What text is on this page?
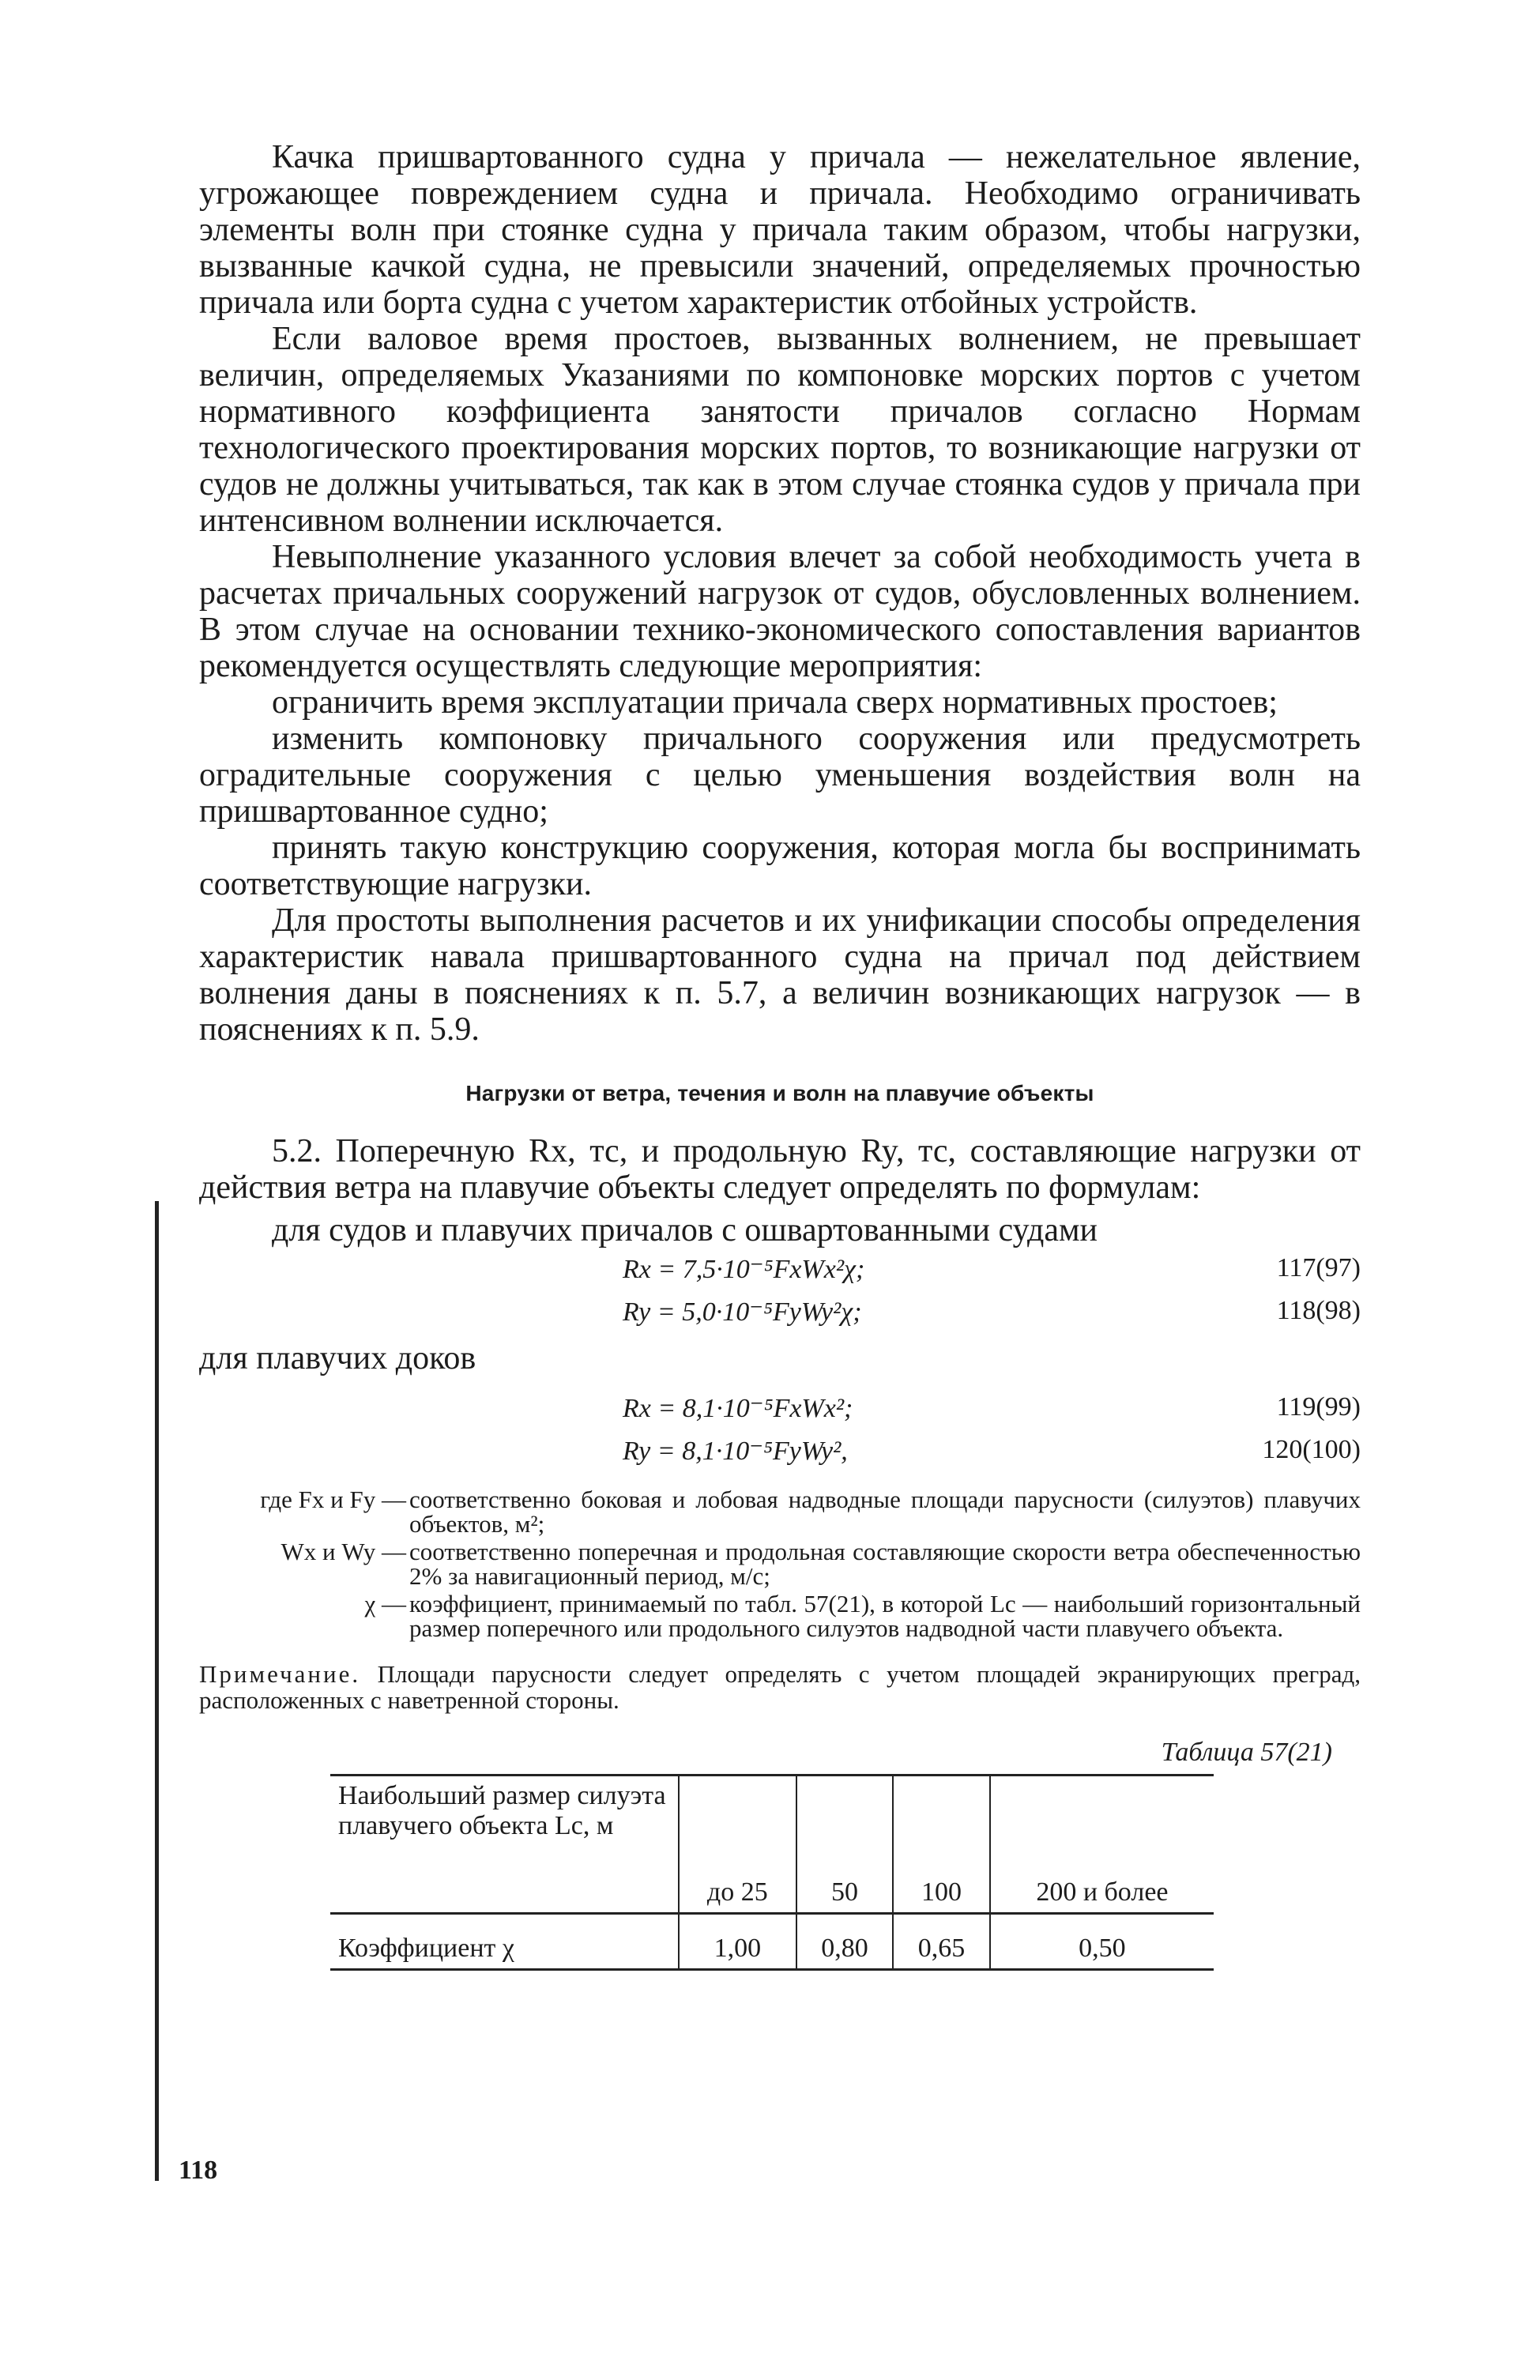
Качка пришвартованного судна у причала — нежелательное явление, угрожающее повреждением судна и причала. Необходимо ограничивать элементы волн при стоянке судна у причала таким образом, чтобы нагрузки, вызванные качкой судна, не превысили значений, определяемых прочностью причала или борта судна с учетом характеристик отбойных устройств.

Если валовое время простоев, вызванных волнением, не превышает величин, определяемых Указаниями по компоновке морских портов с учетом нормативного коэффициента занятости причалов согласно Нормам технологического проектирования морских портов, то возникающие нагрузки от судов не должны учитываться, так как в этом случае стоянка судов у причала при интенсивном волнении исключается.

Невыполнение указанного условия влечет за собой необходимость учета в расчетах причальных сооружений нагрузок от судов, обусловленных волнением. В этом случае на основании технико-экономического сопоставления вариантов рекомендуется осуществлять следующие мероприятия:

ограничить время эксплуатации причала сверх нормативных простоев;

изменить компоновку причального сооружения или предусмотреть оградительные сооружения с целью уменьшения воздействия волн на пришвартованное судно;

принять такую конструкцию сооружения, которая могла бы воспринимать соответствующие нагрузки.

Для простоты выполнения расчетов и их унификации способы определения характеристик навала пришвартованного судна на причал под действием волнения даны в пояснениях к п. 5.7, а величин возникающих нагрузок — в пояснениях к п. 5.9.

Нагрузки от ветра, течения и волн на плавучие объекты

5.2. Поперечную Rx, тс, и продольную Ry, тс, составляющие нагрузки от действия ветра на плавучие объекты следует определять по формулам:

для судов и плавучих причалов с ошвартованными судами

Rx = 7,5·10⁻⁵FxWx²χ;	117(97)
Ry = 5,0·10⁻⁵FyWy²χ;	118(98)

для плавучих доков

Rx = 8,1·10⁻⁵FxWx²;	119(99)
Ry = 8,1·10⁻⁵FyWy²,	120(100)
где Fx и Fy — соответственно боковая и лобовая надводные площади парусности (силуэтов) плавучих объектов, м²;
Wx и Wy — соответственно поперечная и продольная составляющие скорости ветра обеспеченностью 2% за навигационный период, м/с;
χ — коэффициент, принимаемый по табл. 57(21), в которой Lc — наибольший горизонтальный размер поперечного или продольного силуэтов надводной части плавучего объекта.

Примечание. Площади парусности следует определять с учетом площадей экранирующих преград, расположенных с наветренной стороны.

Таблица 57(21)
Наибольший размер силуэта плавучего объекта Lc, м	до 25	50	100	200 и более
Коэффициент χ	1,00	0,80	0,65	0,50
118
